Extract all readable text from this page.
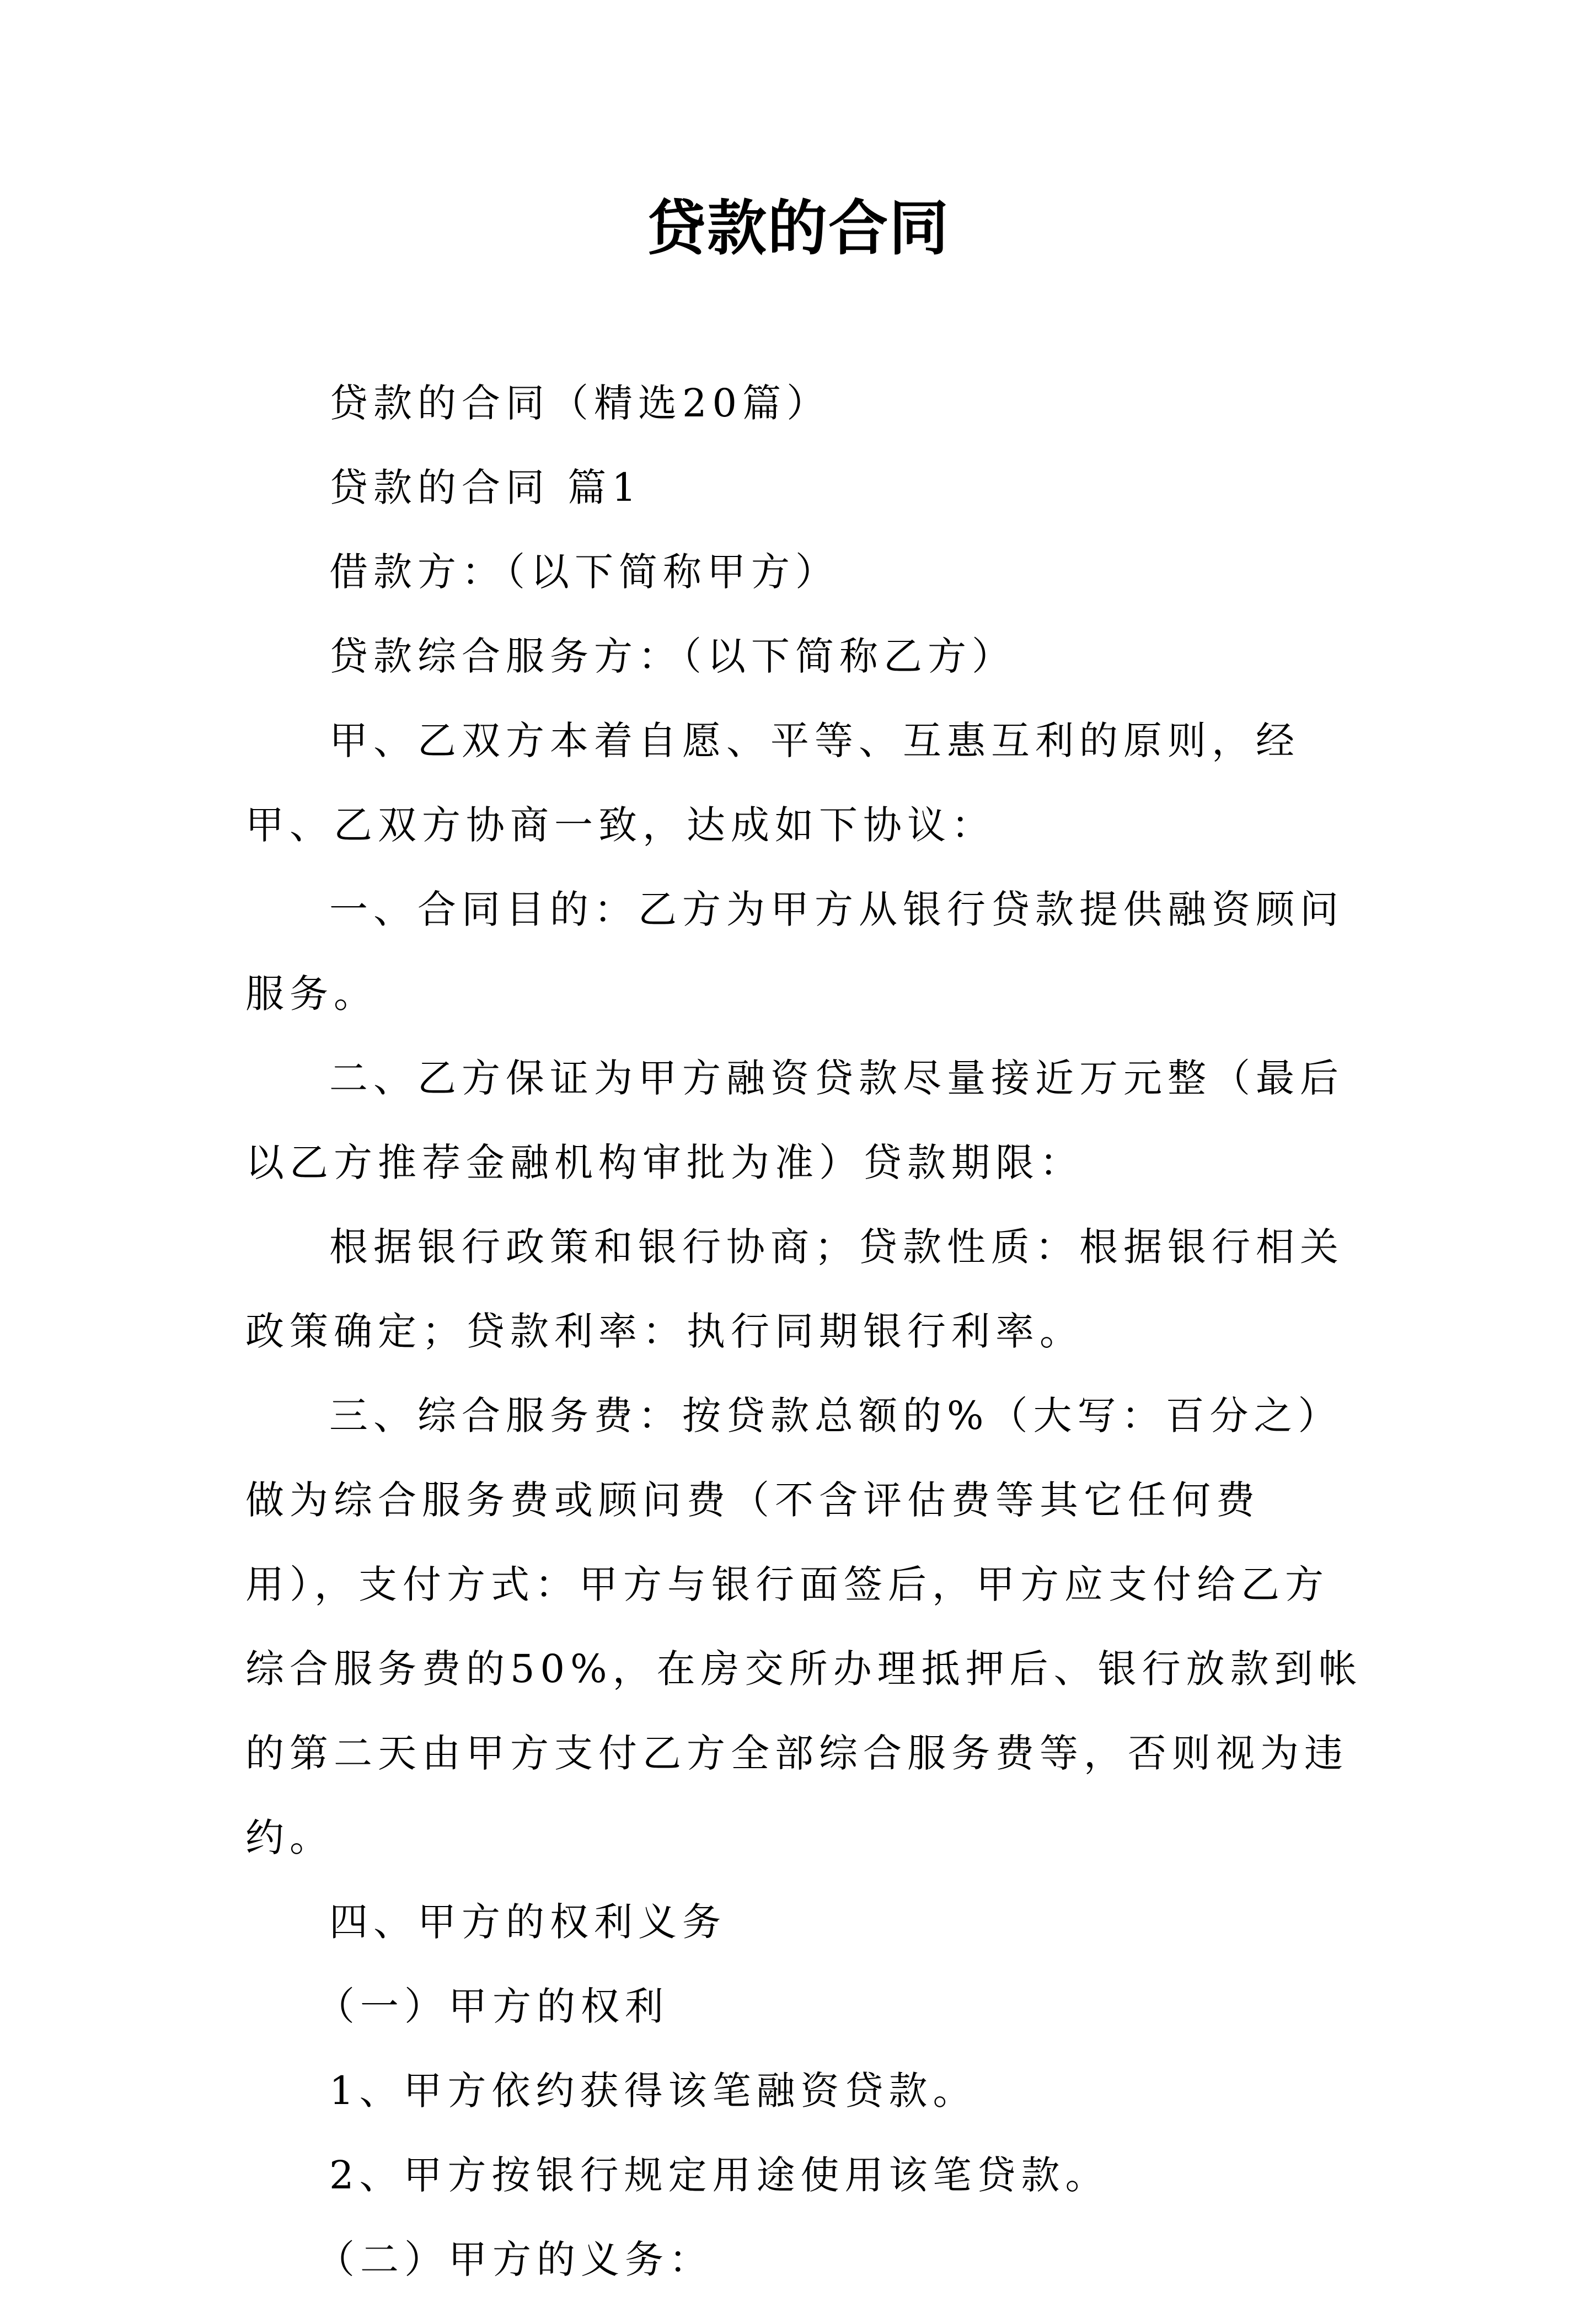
贷款的合同

贷款的合同（精选20篇）

贷款的合同 篇1

借款方：（以下简称甲方）

贷款综合服务方：（以下简称乙方）

甲、乙双方本着自愿、平等、互惠互利的原则，经甲、乙双方协商一致，达成如下协议：

一、合同目的：乙方为甲方从银行贷款提供融资顾问服务。

二、乙方保证为甲方融资贷款尽量接近万元整（最后以乙方推荐金融机构审批为准）贷款期限：

根据银行政策和银行协商；贷款性质：根据银行相关政策确定；贷款利率：执行同期银行利率。

三、综合服务费：按贷款总额的%（大写：百分之）做为综合服务费或顾问费（不含评估费等其它任何费用），支付方式：甲方与银行面签后，甲方应支付给乙方综合服务费的50%，在房交所办理抵押后、银行放款到帐的第二天由甲方支付乙方全部综合服务费等，否则视为违约。

四、甲方的权利义务

（一）甲方的权利

1、甲方依约获得该笔融资贷款。

2、甲方按银行规定用途使用该笔贷款。

（二）甲方的义务：
